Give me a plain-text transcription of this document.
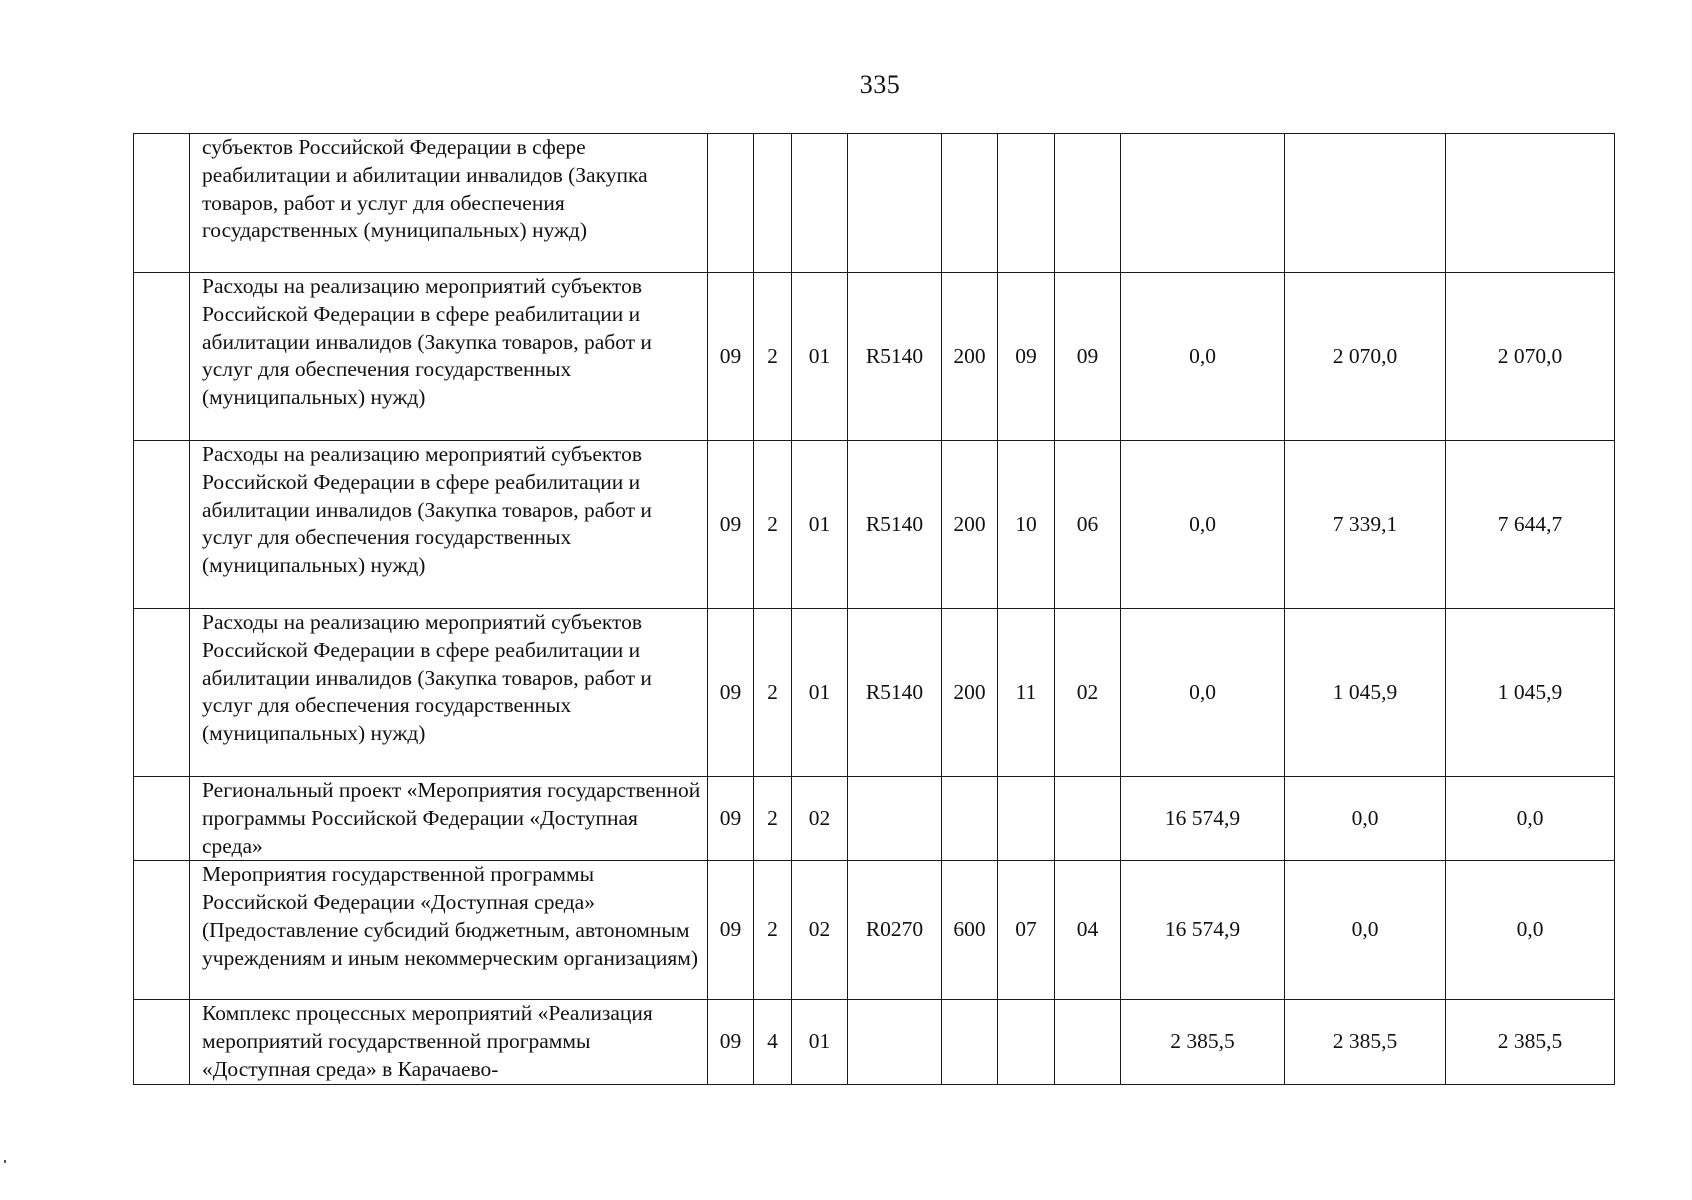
335
	субъектов Российской Федерации в сфере реабилитации и абилитации инвалидов (Закупка товаров, работ и услуг для обеспечения государственных (муниципальных) нужд)										
	Расходы на реализацию мероприятий субъектов Российской Федерации в сфере реабилитации и абилитации инвалидов (Закупка товаров, работ и услуг для обеспечения государственных (муниципальных) нужд)	09	2	01	R5140	200	09	09	0,0	2 070,0	2 070,0
	Расходы на реализацию мероприятий субъектов Российской Федерации в сфере реабилитации и абилитации инвалидов (Закупка товаров, работ и услуг для обеспечения государственных (муниципальных) нужд)	09	2	01	R5140	200	10	06	0,0	7 339,1	7 644,7
	Расходы на реализацию мероприятий субъектов Российской Федерации в сфере реабилитации и абилитации инвалидов (Закупка товаров, работ и услуг для обеспечения государственных (муниципальных) нужд)	09	2	01	R5140	200	11	02	0,0	1 045,9	1 045,9
	Региональный проект «Мероприятия государственной программы Российской Федерации «Доступная среда»	09	2	02					16 574,9	0,0	0,0
	Мероприятия государственной программы Российской Федерации «Доступная среда» (Предоставление субсидий бюджетным, автономным учреждениям и иным некоммерческим организациям)	09	2	02	R0270	600	07	04	16 574,9	0,0	0,0
	Комплекс процессных мероприятий «Реализация мероприятий государственной программы «Доступная среда» в Карачаево-	09	4	01					2 385,5	2 385,5	2 385,5
